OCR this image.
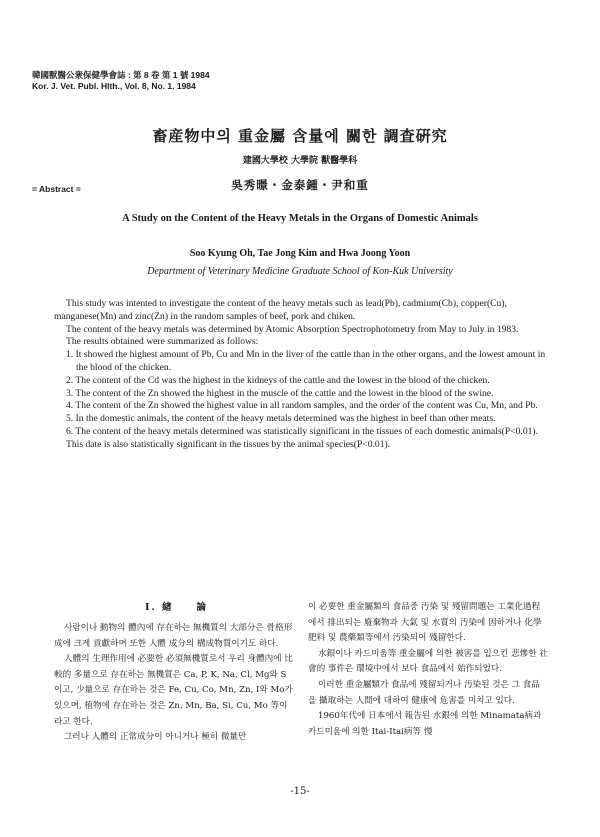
韓國獸醫公衆保健學會誌 : 第 8 卷 第 1 號 1984
Kor. J. Vet. Publ. Hlth., Vol. 8, No. 1. 1984
畜産物中의 重金屬 含量에 關한 調査硏究
建國大學校 大學院 獸醫學科
= Abstract =	吳秀暻・金泰鍾・尹和重
A Study on the Content of the Heavy Metals in the Organs of Domestic Animals
Soo Kyung Oh, Tae Jong Kim and Hwa Joong Yoon
Department of Veterinary Medicine Graduate School of Kon-Kuk University

This study was intented to investigate the content of the heavy metals such as lead(Pb), cadmium(Cb), copper(Cu), manganese(Mn) and zinc(Zn) in the random samples of beef, pork and chiken.

The content of the heavy metals was determined by Atomic Absorption Spectrophotometry from May to July in 1983.

The results obtained were summarized as follows:

1. It showed the highest amount of Pb, Cu and Mn in the liver of the cattle than in the other organs, and the lowest amount in the blood of the chicken.

2. The content of the Cd was the highest in the kidneys of the cattle and the lowest in the blood of the chicken.

3. The content of the Zn showed the highest in the muscle of the cattle and the lowest in the blood of the swine.

4. The content of the Zn showed the highest value in all random samples, and the order of the content was Cu, Mn, and Pb.

5. In the domestic animals, the content of the heavy metals determined was the highest in beef than other meats.

6. The content of the heavy metals determined was statistically significant in the tissues of each domestic animals(P<0.01).

This date is also statistically significant in the tissues by the animal species(P<0.01).

I. 緖　　論

사람이나 動物의 體內에 存在하는 無機質의 大部分은 骨格形成에 크게 貢獻하며 또한 人體 成分의 構成物質이기도 하다.

人體의 生理作用에 必要한 必須無機質로서 우리 身體內에 比較的 多量으로 存在하는 無機質은 Ca, P, K, Na, Cl, Mg와 S이고, 少量으로 存在하는 것은 Fe, Cu, Co, Mn, Zn, I와 Mo가 있으며, 植物에 存在하는 것은 Zn, Mn, Ba, Si, Cu, Mo 等이라고 한다.

그러나 人體의 正常成分이 아니거나 極히 微量만

이 必要한 重金屬類의 食品중 汚染 및 殘留問題는 工業化過程에서 排出되는 廢棄物과 大氣 및 水質의 汚染에 因하거나 化學肥料 및 農藥類等에서 汚染되어 殘留한다.

水銀이나 카드미움等 重金屬에 의한 被害를 입으킨 悲慘한 社會的 事件은 環境中에서 보다 食品에서 始作되었다.

이러한 重金屬類가 食品에 殘留되거나 汚染된 것은 그 食品을 攝取하는 人間에 대하여 健康에 危害를 미치고 있다.

1960年代에 日本에서 報告된 水銀에 의한 Minamata病과 카드미움에 의한 Itai-Itai病等 慢

-15-
